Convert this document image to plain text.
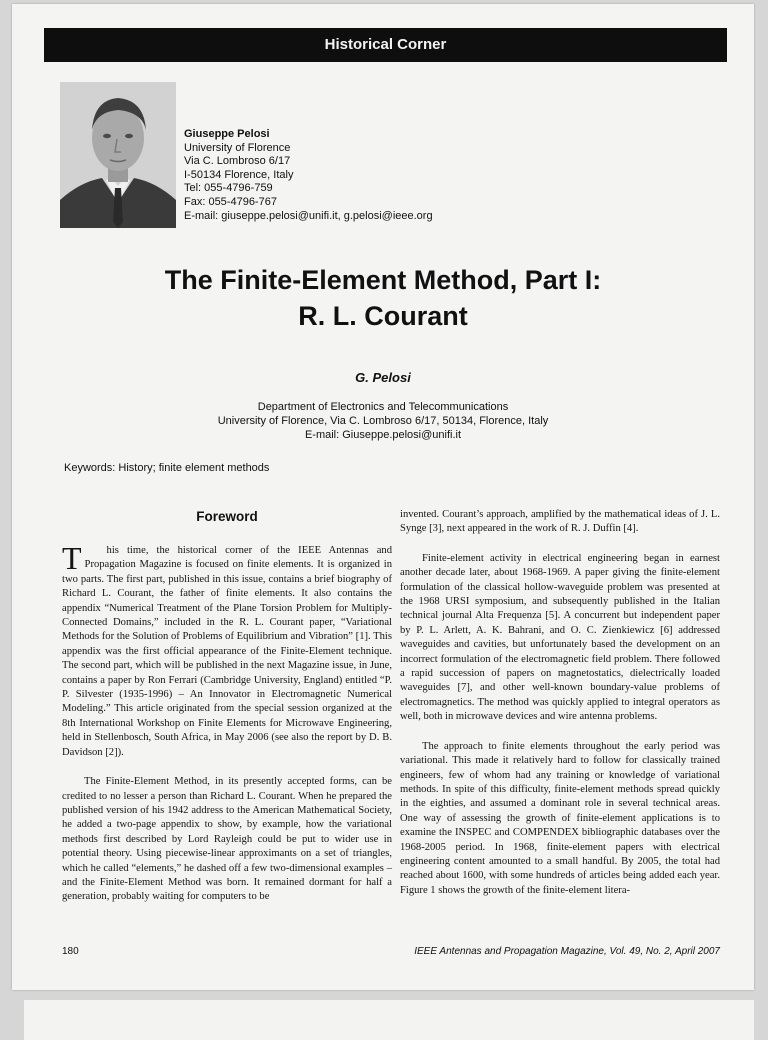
Historical Corner
Giuseppe Pelosi
University of Florence
Via C. Lombroso 6/17
I-50134 Florence, Italy
Tel: 055-4796-759
Fax: 055-4796-767
E-mail: giuseppe.pelosi@unifi.it, g.pelosi@ieee.org
The Finite-Element Method, Part I:
R. L. Courant
G. Pelosi
Department of Electronics and Telecommunications
University of Florence, Via C. Lombroso 6/17, 50134, Florence, Italy
E-mail: Giuseppe.pelosi@unifi.it
Keywords: History; finite element methods
Foreword

T his time, the historical corner of the IEEE Antennas and Propagation Magazine is focused on finite elements. It is organized in two parts. The first part, published in this issue, contains a brief biography of Richard L. Courant, the father of finite elements. It also contains the appendix “Numerical Treatment of the Plane Torsion Problem for Multiply-Connected Domains,” included in the R. L. Courant paper, “Variational Methods for the Solution of Problems of Equilibrium and Vibration” [1]. This appendix was the first official appearance of the Finite-Element technique. The second part, which will be published in the next Magazine issue, in June, contains a paper by Ron Ferrari (Cambridge University, England) entitled “P. P. Silvester (1935-1996) – An Innovator in Electromagnetic Numerical Modeling.” This article originated from the special session organized at the 8th International Workshop on Finite Elements for Microwave Engineering, held in Stellenbosch, South Africa, in May 2006 (see also the report by D. B. Davidson [2]).

The Finite-Element Method, in its presently accepted forms, can be credited to no lesser a person than Richard L. Courant. When he prepared the published version of his 1942 address to the American Mathematical Society, he added a two-page appendix to show, by example, how the variational methods first described by Lord Rayleigh could be put to wider use in potential theory. Using piecewise-linear approximants on a set of triangles, which he called “elements,” he dashed off a few two-dimensional examples – and the Finite-Element Method was born. It remained dormant for half a generation, probably waiting for computers to be

invented. Courant’s approach, amplified by the mathematical ideas of J. L. Synge [3], next appeared in the work of R. J. Duffin [4].

Finite-element activity in electrical engineering began in earnest another decade later, about 1968-1969. A paper giving the finite-element formulation of the classical hollow-waveguide problem was presented at the 1968 URSI symposium, and subsequently published in the Italian technical journal Alta Frequenza [5]. A concurrent but independent paper by P. L. Arlett, A. K. Bahrani, and O. C. Zienkiewicz [6] addressed waveguides and cavities, but unfortunately based the development on an incorrect formulation of the electromagnetic field problem. There followed a rapid succession of papers on magnetostatics, dielectrically loaded waveguides [7], and other well-known boundary-value problems of electromagnetics. The method was quickly applied to integral operators as well, both in microwave devices and wire antenna problems.

The approach to finite elements throughout the early period was variational. This made it relatively hard to follow for classically trained engineers, few of whom had any training or knowledge of variational methods. In spite of this difficulty, finite-element methods spread quickly in the eighties, and assumed a dominant role in several technical areas. One way of assessing the growth of finite-element applications is to examine the INSPEC and COMPENDEX bibliographic databases over the 1968-2005 period. In 1968, finite-element papers with electrical engineering content amounted to a small handful. By 2005, the total had reached about 1600, with some hundreds of articles being added each year. Figure 1 shows the growth of the finite-element litera-

180	IEEE Antennas and Propagation Magazine, Vol. 49, No. 2, April 2007
